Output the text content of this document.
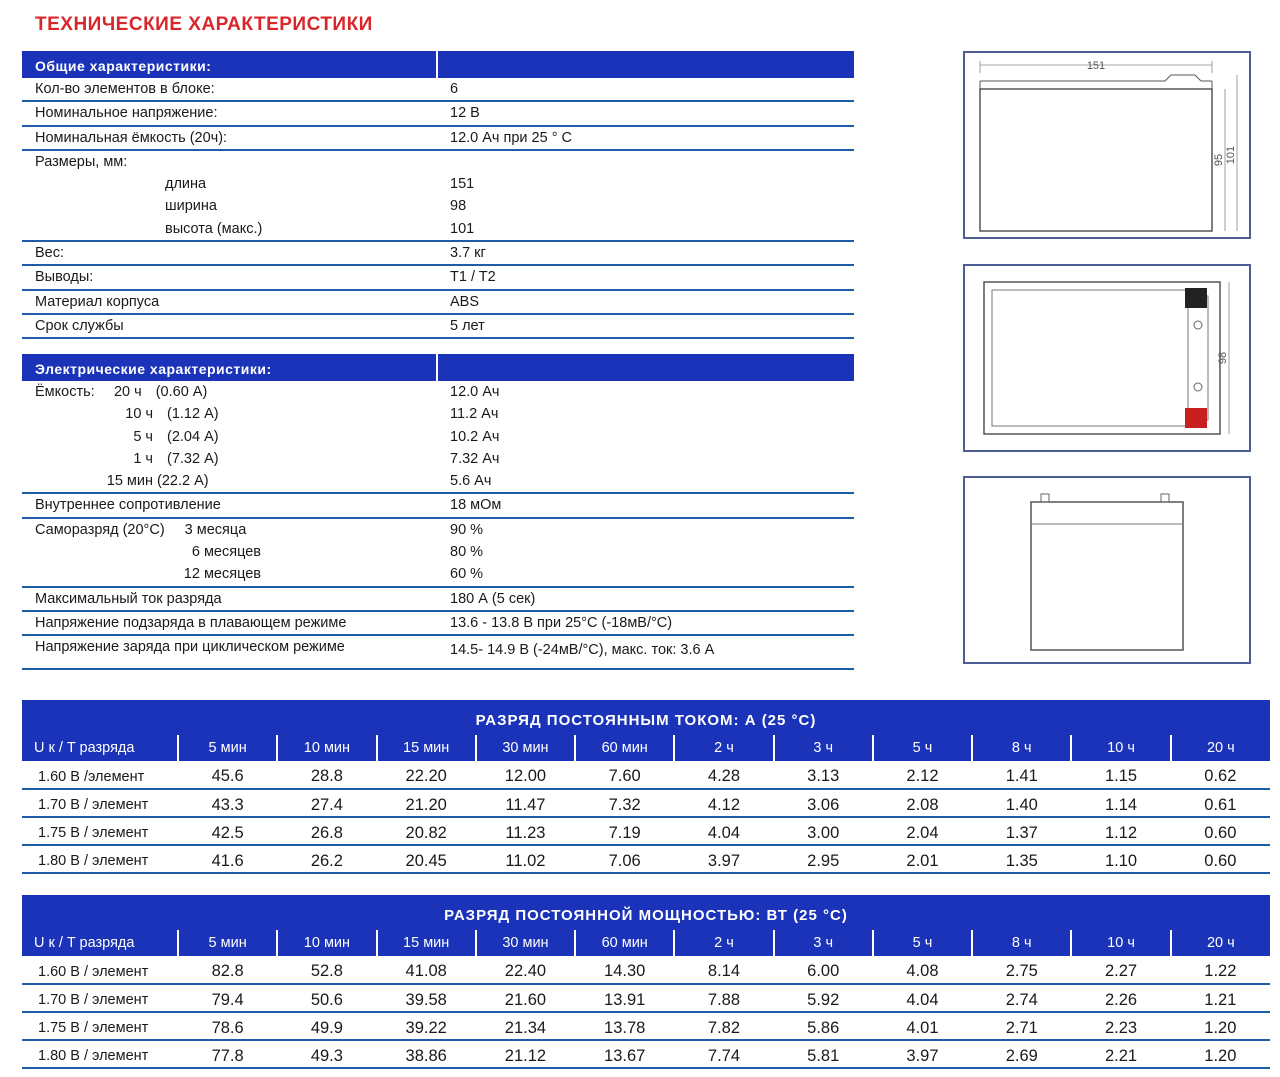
ТЕХНИЧЕСКИЕ ХАРАКТЕРИСТИКИ
Общие характеристики:
Кол-во элементов в блоке:	6
Номинальное напряжение:	12 В
Номинальная ёмкость (20ч):	12.0 Ач при 25 ° С
Размеры, мм:
длина	151
ширина	98
высота (макс.)	101
Вес:	3.7 кг
Выводы:	T1 / T2
Материал корпуса	ABS
Срок службы	5 лет
Электрические характеристики:
Ёмкость: 20 ч (0.60 А)	12.0 Ач
10 ч (1.12 А)	11.2 Ач
5 ч (2.04 А)	10.2 Ач
1 ч (7.32 А)	7.32 Ач
15 мин (22.2 А)	5.6 Ач
Внутреннее сопротивление	18 мОм
Саморазряд (20°С) 3 месяца	90 %
6 месяцев	80 %
12 месяцев	60 %
Максимальный ток разряда	180 А (5 сек)
Напряжение подзаряда в плавающем режиме	13.6 - 13.8 В при 25°С (-18мВ/°С)
Напряжение заряда при циклическом режиме	14.5- 14.9 В (-24мВ/°С), макс. ток: 3.6 А
151
95 101
98
РАЗРЯД ПОСТОЯННЫМ ТОКОМ: А (25 °С)											
U к / T разряда	5 мин	10 мин	15 мин	30 мин	60 мин	2 ч	3 ч	5 ч	8 ч	10 ч	20 ч
1.60 В /элемент	45.6	28.8	22.20	12.00	7.60	4.28	3.13	2.12	1.41	1.15	0.62
1.70 В / элемент	43.3	27.4	21.20	11.47	7.32	4.12	3.06	2.08	1.40	1.14	0.61
1.75 В / элемент	42.5	26.8	20.82	11.23	7.19	4.04	3.00	2.04	1.37	1.12	0.60
1.80 В / элемент	41.6	26.2	20.45	11.02	7.06	3.97	2.95	2.01	1.35	1.10	0.60
РАЗРЯД ПОСТОЯННОЙ МОЩНОСТЬЮ: ВТ (25 °С)											
U к / T разряда	5 мин	10 мин	15 мин	30 мин	60 мин	2 ч	3 ч	5 ч	8 ч	10 ч	20 ч
1.60 В / элемент	82.8	52.8	41.08	22.40	14.30	8.14	6.00	4.08	2.75	2.27	1.22
1.70 В / элемент	79.4	50.6	39.58	21.60	13.91	7.88	5.92	4.04	2.74	2.26	1.21
1.75 В / элемент	78.6	49.9	39.22	21.34	13.78	7.82	5.86	4.01	2.71	2.23	1.20
1.80 В / элемент	77.8	49.3	38.86	21.12	13.67	7.74	5.81	3.97	2.69	2.21	1.20
